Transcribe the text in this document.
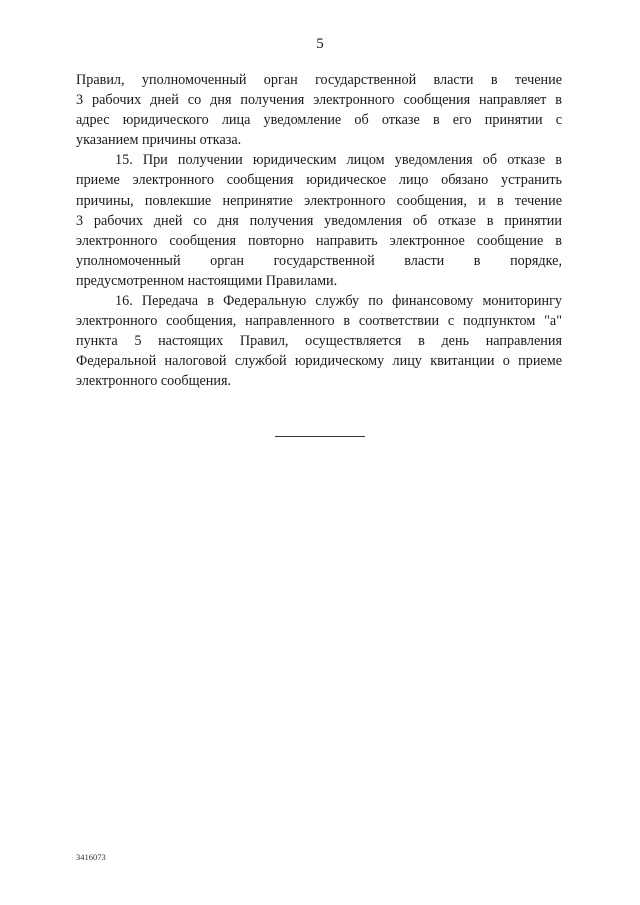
5

Правил, уполномоченный орган государственной власти в течение
3 рабочих дней со дня получения электронного сообщения направляет в
адрес юридического лица уведомление об отказе в его принятии с
указанием причины отказа.

15. При получении юридическим лицом уведомления об отказе в
приеме электронного сообщения юридическое лицо обязано устранить
причины, повлекшие непринятие электронного сообщения, и в течение
3 рабочих дней со дня получения уведомления об отказе в принятии
электронного сообщения повторно направить электронное сообщение в
уполномоченный орган государственной власти в порядке,
предусмотренном настоящими Правилами.

16. Передача в Федеральную службу по финансовому мониторингу
электронного сообщения, направленного в соответствии с подпунктом "а"
пункта 5 настоящих Правил, осуществляется в день направления
Федеральной налоговой службой юридическому лицу квитанции о приеме
электронного сообщения.

3416073
